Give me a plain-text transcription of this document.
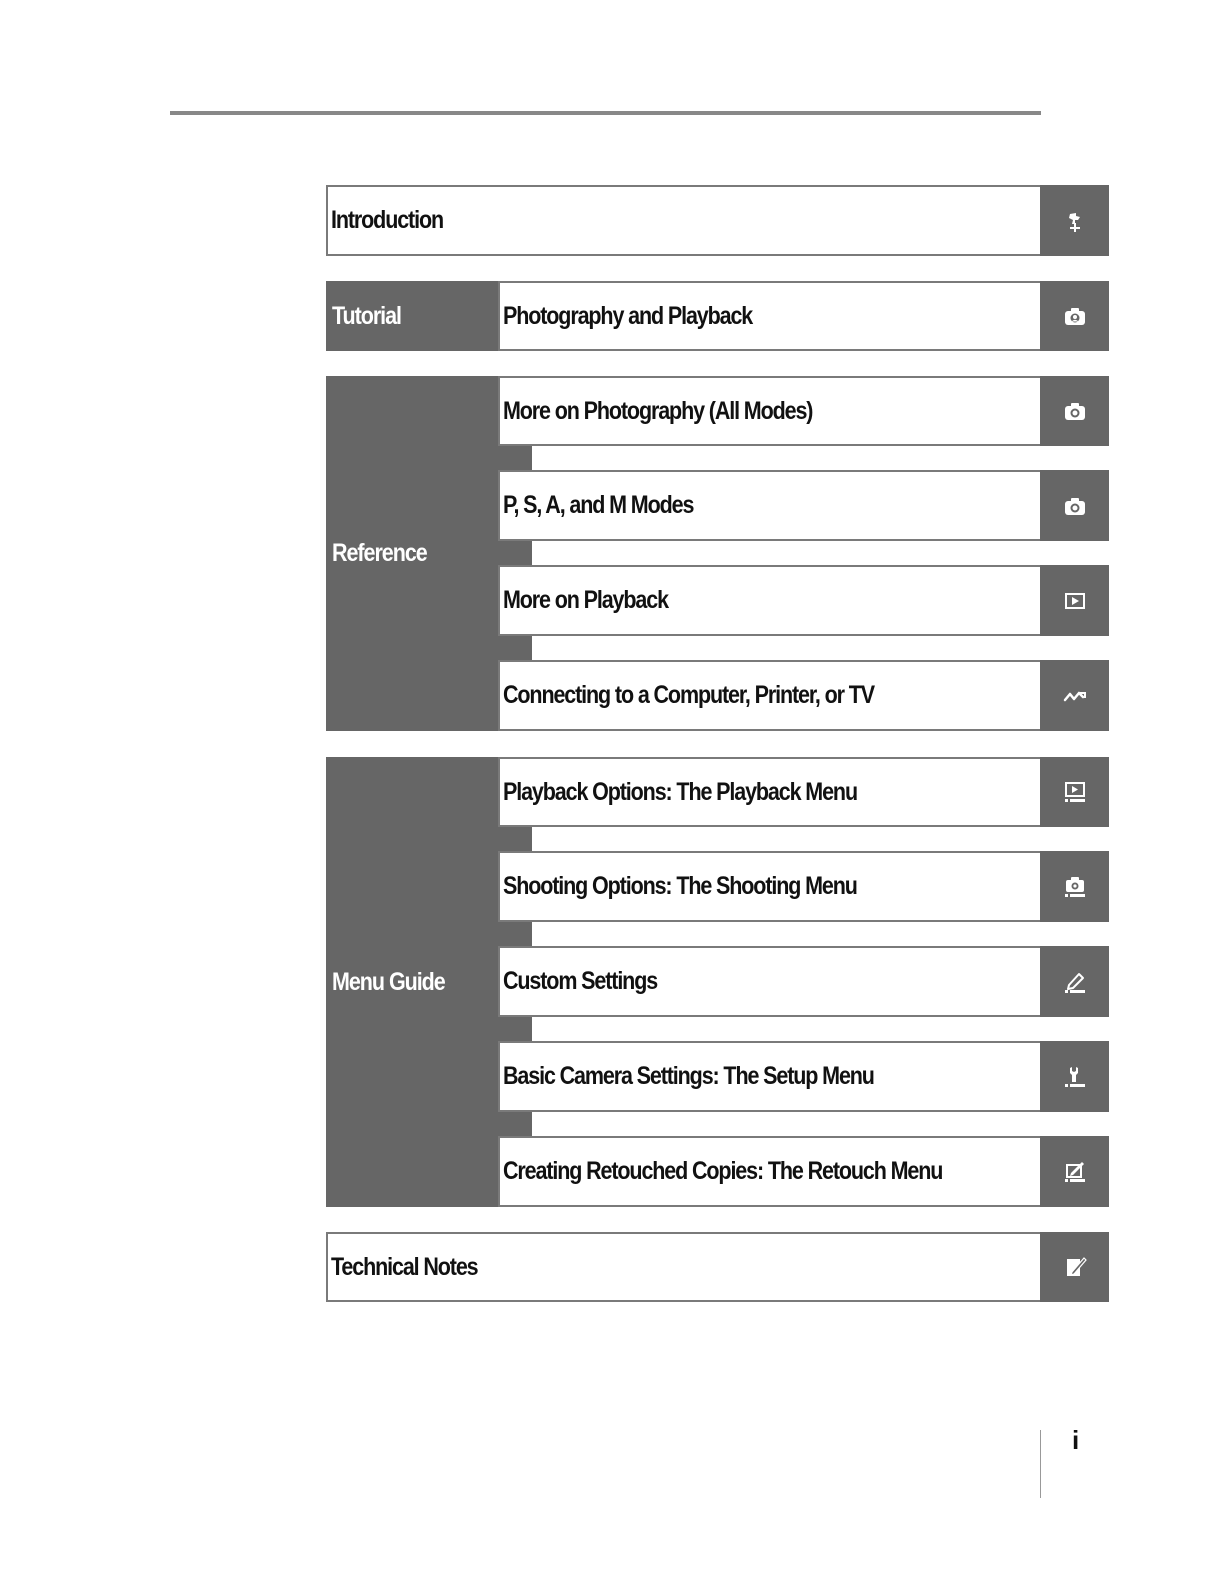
Introduction
Tutorial	Photography and Playback
Reference
More on Photography (All Modes)
P, S, A, and M Modes
More on Playback
Connecting to a Computer, Printer, or TV
Menu Guide
Playback Options: The Playback Menu
Shooting Options: The Shooting Menu
Custom Settings
Basic Camera Settings: The Setup Menu
Creating Retouched Copies: The Retouch Menu
Technical Notes
i
